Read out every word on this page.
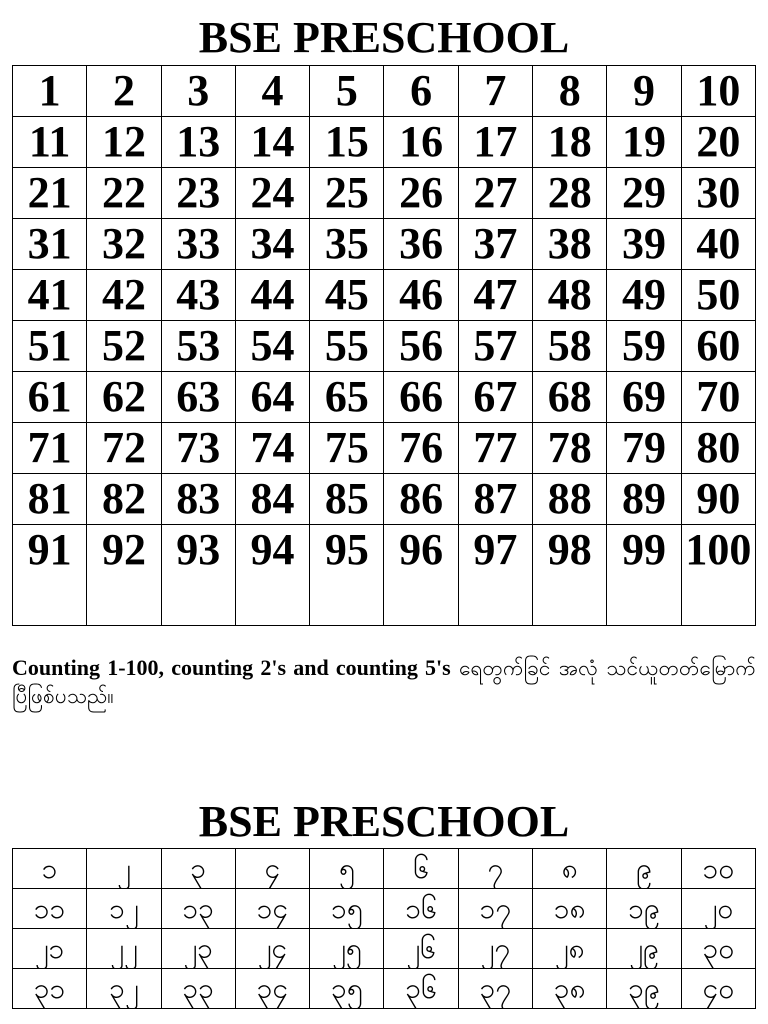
BSE PRESCHOOL
1	2	3	4	5	6	7	8	9	10
11	12	13	14	15	16	17	18	19	20
21	22	23	24	25	26	27	28	29	30
31	32	33	34	35	36	37	38	39	40
41	42	43	44	45	46	47	48	49	50
51	52	53	54	55	56	57	58	59	60
61	62	63	64	65	66	67	68	69	70
71	72	73	74	75	76	77	78	79	80
81	82	83	84	85	86	87	88	89	90

91	92	93	94	95	96	97	98	99	100

Counting 1-100, counting 2's and counting 5's ရေတွက်ခြင် အလုံ သင်ယူတတ်မြောက်ပြီဖြစ်ပသည်။

BSE PRESCHOOL
၁	၂	၃	၄	၅	၆	၇	၈	၉	၁၀
၁၁	၁၂	၁၃	၁၄	၁၅	၁၆	၁၇	၁၈	၁၉	၂၀
၂၁	၂၂	၂၃	၂၄	၂၅	၂၆	၂၇	၂၈	၂၉	၃၀
၃၁	၃၂	၃၃	၃၄	၃၅	၃၆	၃၇	၃၈	၃၉	၄၀
